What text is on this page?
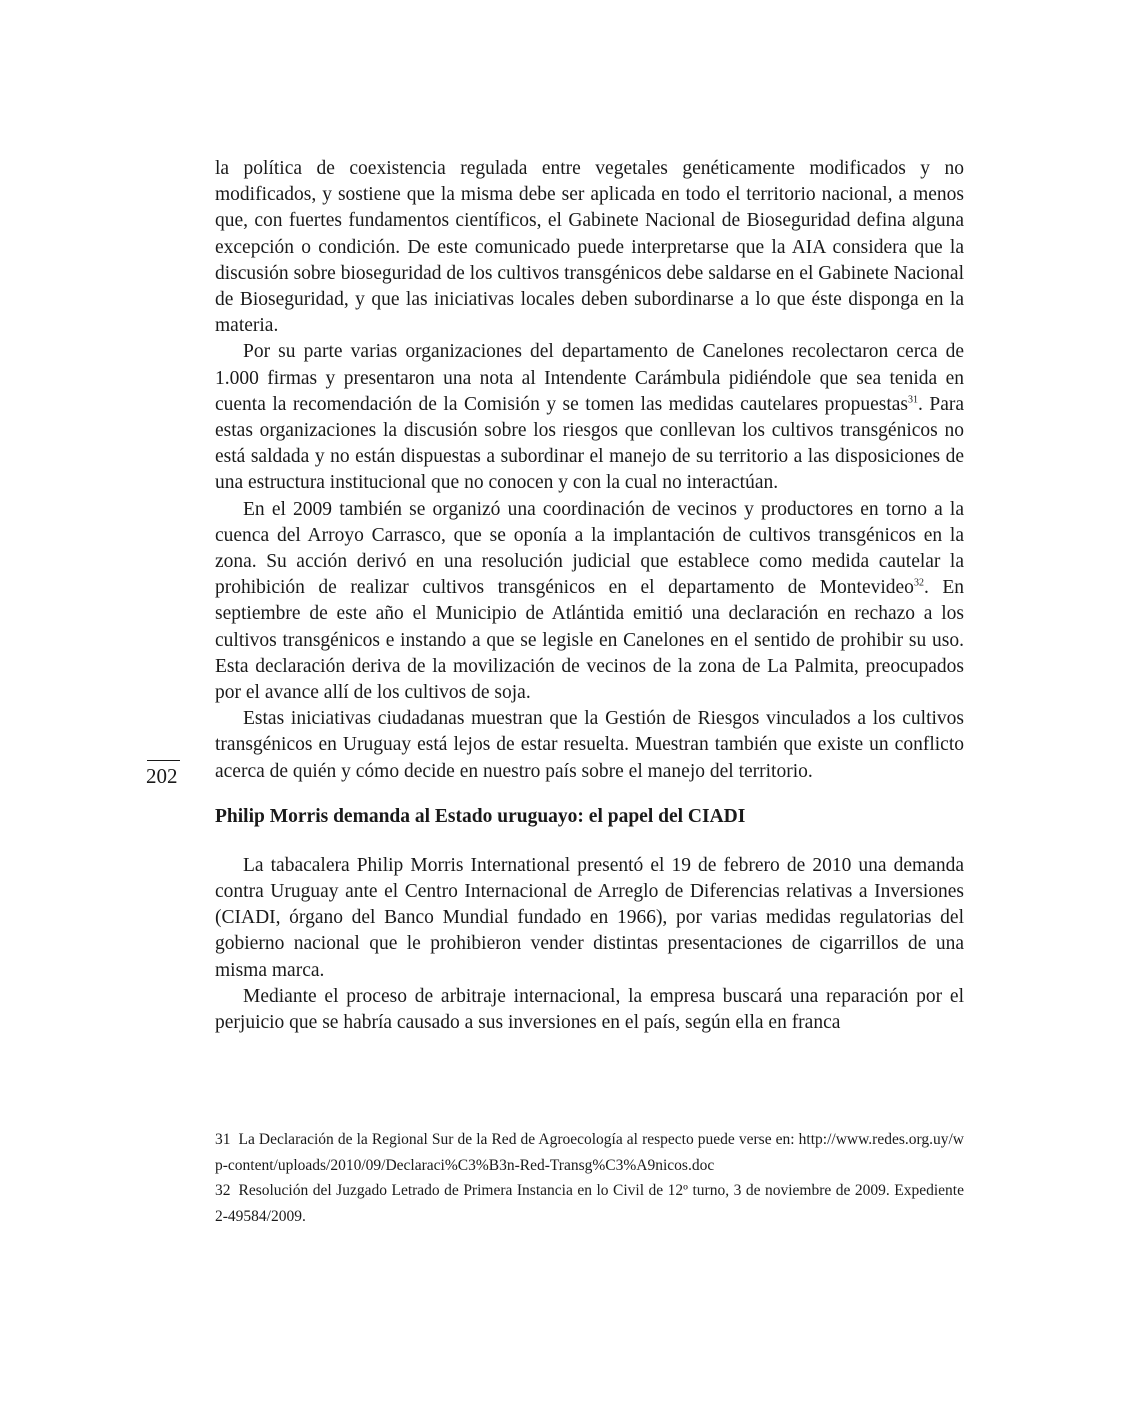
202

la política de coexistencia regulada entre vegetales genéticamente modificados y no modificados, y sostiene que la misma debe ser aplicada en todo el territorio nacional, a menos que, con fuertes fundamentos científicos, el Gabinete Nacional de Bioseguridad defina alguna excepción o condición. De este comunicado puede interpretarse que la AIA considera que la discusión sobre bioseguridad de los cultivos transgénicos debe saldarse en el Gabinete Nacional de Bioseguridad, y que las iniciativas locales deben subordinarse a lo que éste disponga en la materia.

Por su parte varias organizaciones del departamento de Canelones recolectaron cerca de 1.000 firmas y presentaron una nota al Intendente Carámbula pidiéndole que sea tenida en cuenta la recomendación de la Comisión y se tomen las medidas cautelares propuestas$^{31}$. Para estas organizaciones la discusión sobre los riesgos que conllevan los cultivos transgénicos no está saldada y no están dispuestas a subordinar el manejo de su territorio a las disposiciones de una estructura institucional que no conocen y con la cual no interactúan.

En el 2009 también se organizó una coordinación de vecinos y productores en torno a la cuenca del Arroyo Carrasco, que se oponía a la implantación de cultivos transgénicos en la zona. Su acción derivó en una resolución judicial que establece como medida cautelar la prohibición de realizar cultivos transgénicos en el departamento de Montevideo$^{32}$. En septiembre de este año el Municipio de Atlántida emitió una declaración en rechazo a los cultivos transgénicos e instando a que se legisle en Canelones en el sentido de prohibir su uso. Esta declaración deriva de la movilización de vecinos de la zona de La Palmita, preocupados por el avance allí de los cultivos de soja.

Estas iniciativas ciudadanas muestran que la Gestión de Riesgos vinculados a los cultivos transgénicos en Uruguay está lejos de estar resuelta. Muestran también que existe un conflicto acerca de quién y cómo decide en nuestro país sobre el manejo del territorio.

Philip Morris demanda al Estado uruguayo: el papel del CIADI

La tabacalera Philip Morris International presentó el 19 de febrero de 2010 una demanda contra Uruguay ante el Centro Internacional de Arreglo de Diferencias relativas a Inversiones (CIADI, órgano del Banco Mundial fundado en 1966), por varias medidas regulatorias del gobierno nacional que le prohibieron vender distintas presentaciones de cigarrillos de una misma marca.

Mediante el proceso de arbitraje internacional, la empresa buscará una reparación por el perjuicio que se habría causado a sus inversiones en el país, según ella en franca

31 La Declaración de la Regional Sur de la Red de Agroecología al respecto puede verse en: http://www.redes.org.uy/wp-content/uploads/2010/09/Declaraci%C3%B3n-Red-Transg%C3%A9nicos.doc

32 Resolución del Juzgado Letrado de Primera Instancia en lo Civil de 12º turno, 3 de noviembre de 2009. Expediente 2-49584/2009.
